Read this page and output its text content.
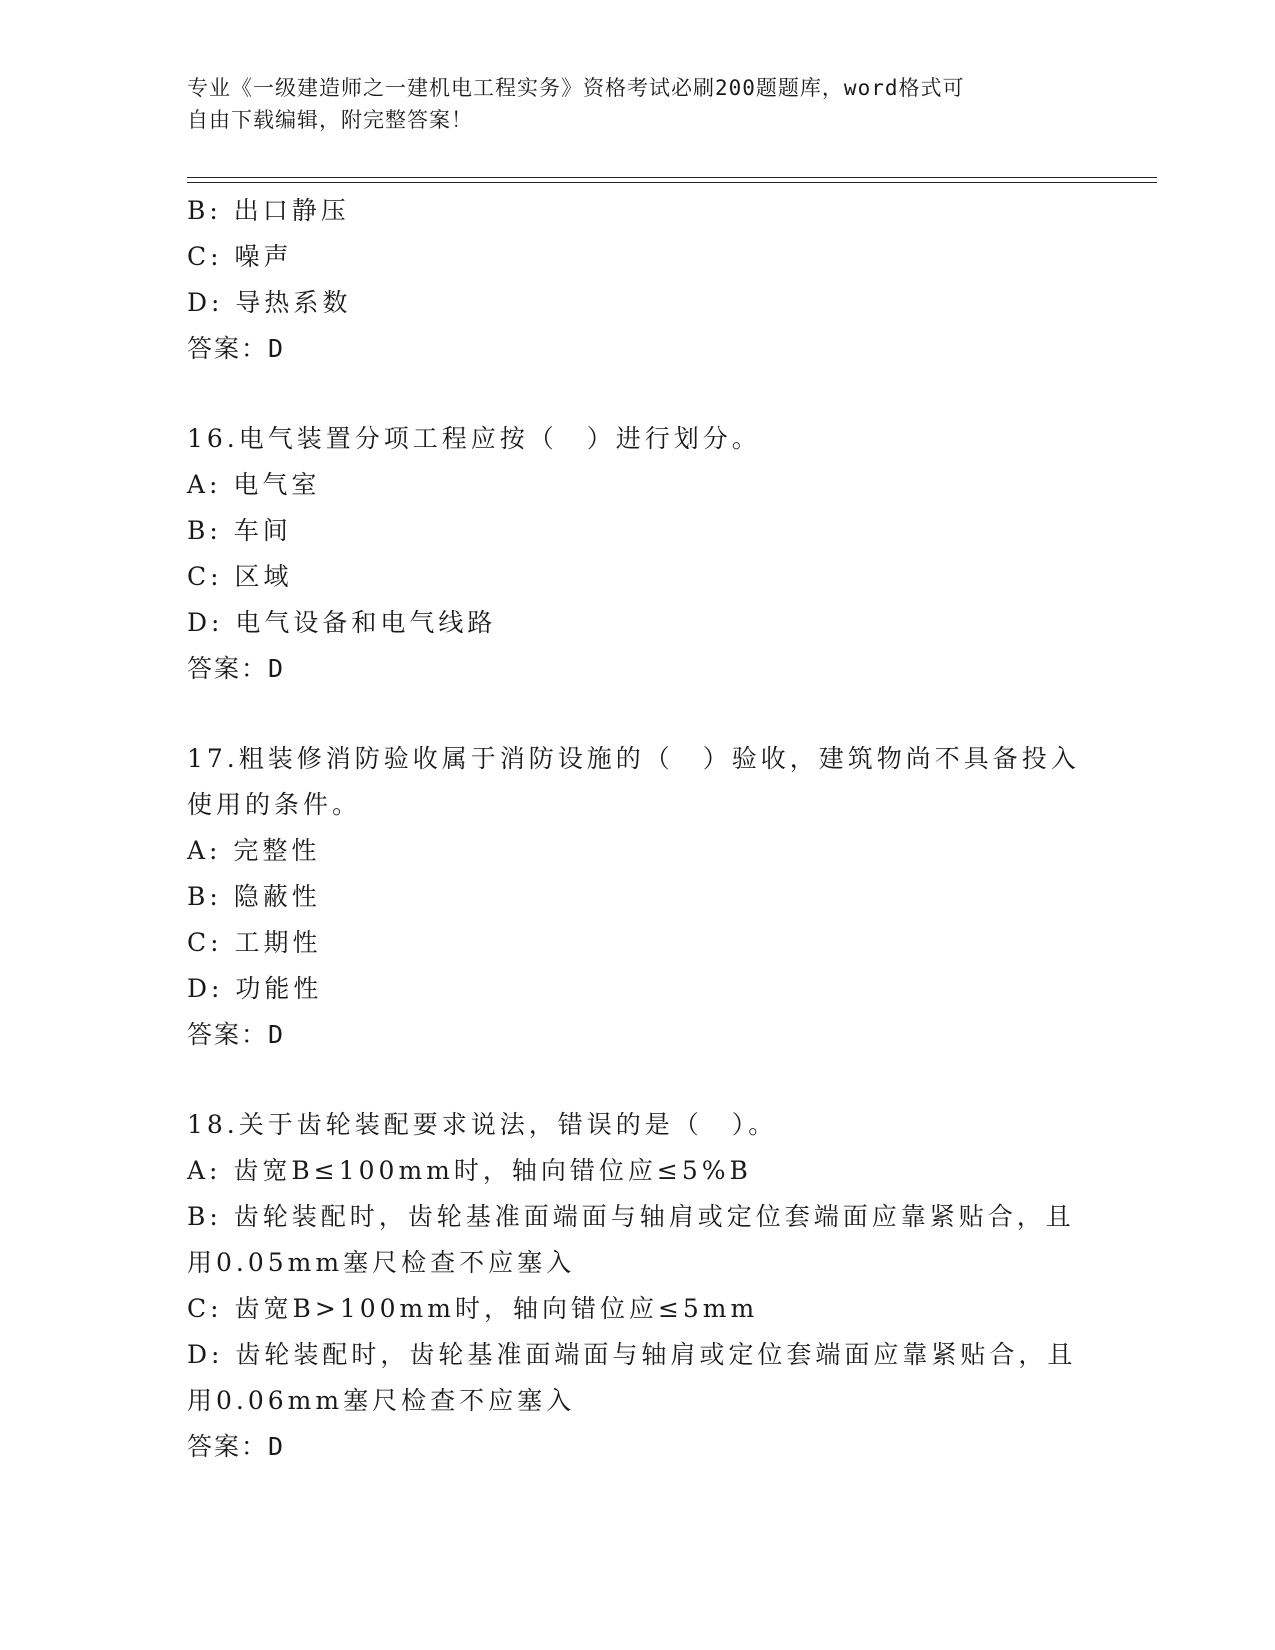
专业《一级建造师之一建机电工程实务》资格考试必刷200题题库，word格式可
自由下载编辑，附完整答案！
B: 出口静压
C: 噪声
D: 导热系数
答案：D
16.电气装置分项工程应按（　）进行划分。
A: 电气室
B: 车间
C: 区域
D: 电气设备和电气线路
答案：D
17.粗装修消防验收属于消防设施的（　）验收，建筑物尚不具备投入
使用的条件。
A: 完整性
B: 隐蔽性
C: 工期性
D: 功能性
答案：D
18.关于齿轮装配要求说法，错误的是（　）。
A: 齿宽B≤100mm时，轴向错位应≤5%B
B: 齿轮装配时，齿轮基准面端面与轴肩或定位套端面应靠紧贴合，且
用0.05mm塞尺检查不应塞入
C: 齿宽B>100mm时，轴向错位应≤5mm
D: 齿轮装配时，齿轮基准面端面与轴肩或定位套端面应靠紧贴合，且
用0.06mm塞尺检查不应塞入
答案：D
